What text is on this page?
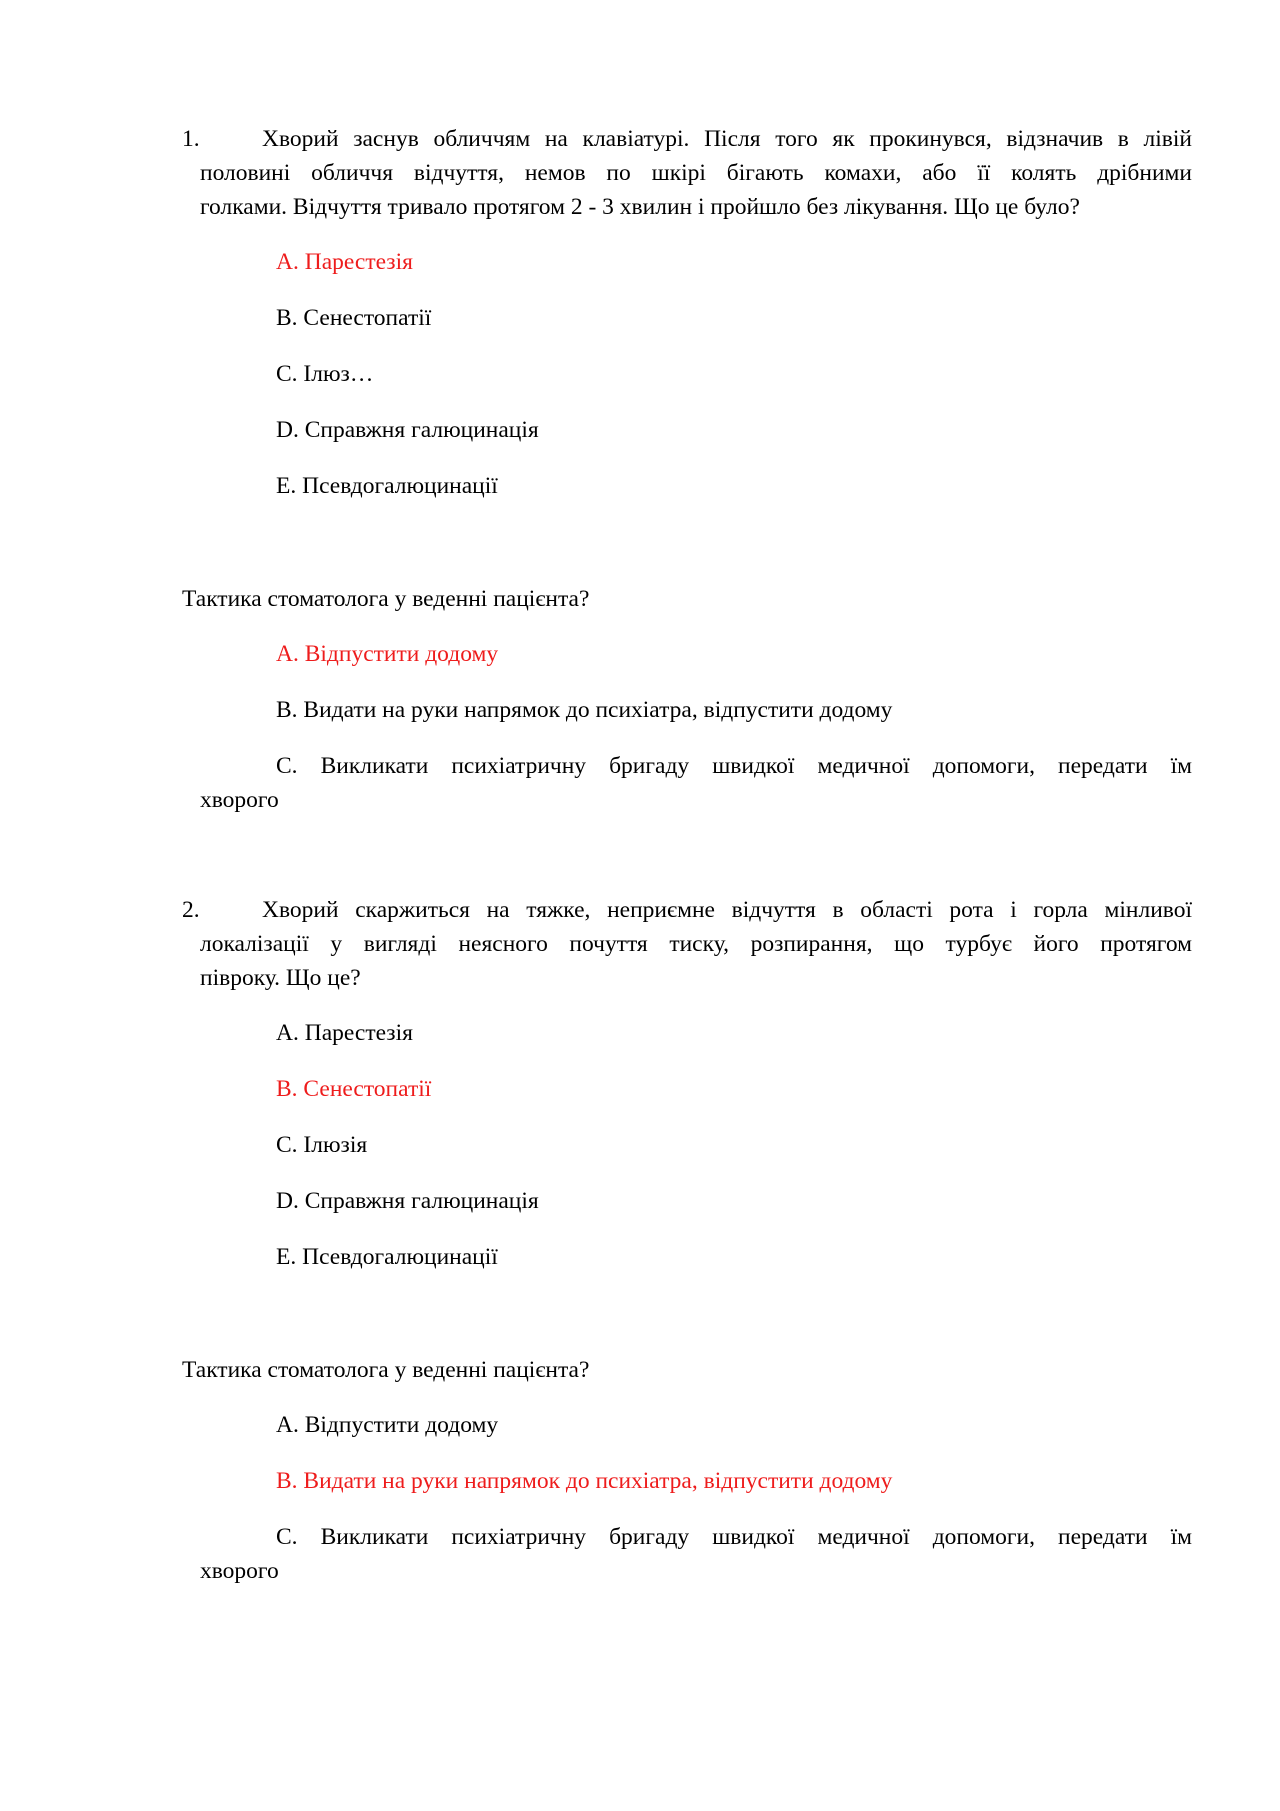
1.	Хворий заснув обличчям на клавіатурі. Після того як прокинувся, відзначив в лівій
половині обличчя відчуття, немов по шкірі бігають комахи, або її колять дрібними
голками. Відчуття тривало протягом 2 - 3 хвилин і пройшло без лікування. Що це було?
A. Парестезія
B. Сенестопатії
C. Ілюз…
D. Справжня галюцинація
E. Псевдогалюцинації
Тактика стоматолога у веденні пацієнта?
A. Відпустити додому
B. Видати на руки напрямок до психіатра, відпустити додому
C. Викликати психіатричну бригаду швидкої медичної допомоги, передати їм
хворого
2.	Хворий скаржиться на тяжке, неприємне відчуття в області рота і горла мінливої
локалізації у вигляді неясного почуття тиску, розпирання, що турбує його протягом
півроку. Що це?
A. Парестезія
B. Сенестопатії
C. Ілюзія
D. Справжня галюцинація
E. Псевдогалюцинації
Тактика стоматолога у веденні пацієнта?
A. Відпустити додому
B. Видати на руки напрямок до психіатра, відпустити додому
C. Викликати психіатричну бригаду швидкої медичної допомоги, передати їм
хворого
